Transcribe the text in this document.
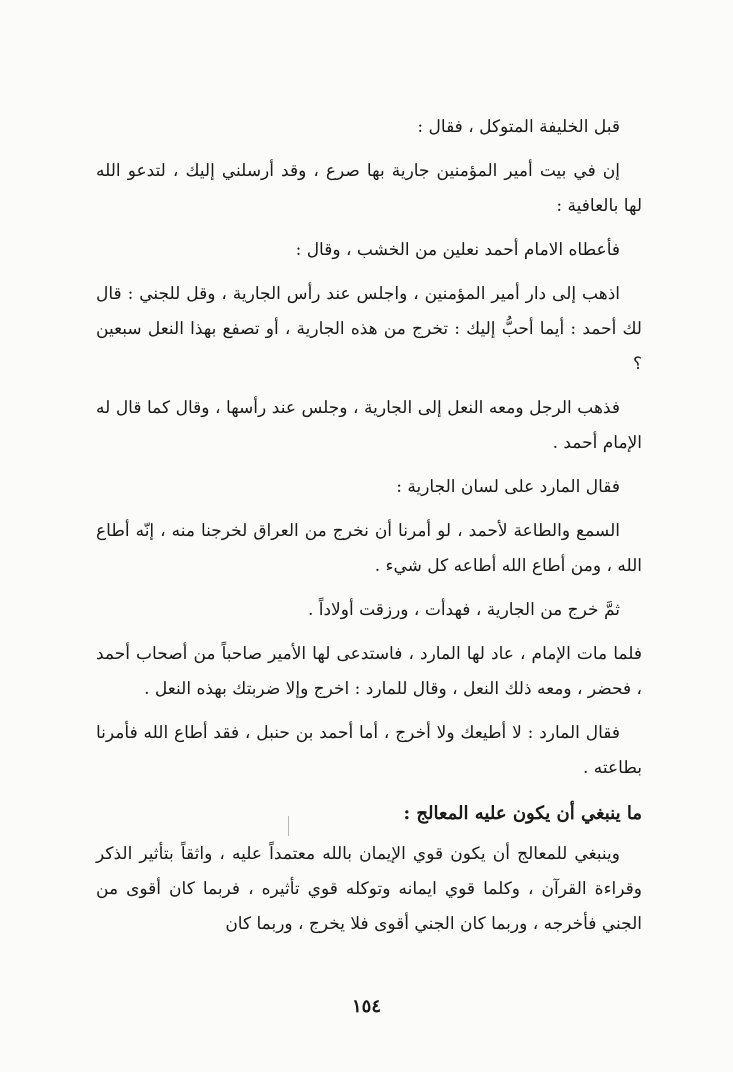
قبل الخليفة المتوكل ، فقال :

إن في بيت أمير المؤمنين جارية بها صرع ، وقد أرسلني إليك ، لتدعو الله لها بالعافية :

فأعطاه الامام أحمد نعلين من الخشب ، وقال :

اذهب إلى دار أمير المؤمنين ، واجلس عند رأس الجارية ، وقل للجني : قال لك أحمد : أيما أحبُّ إليك : تخرج من هذه الجارية ، أو تصفع بهذا النعل سبعين ؟

فذهب الرجل ومعه النعل إلى الجارية ، وجلس عند رأسها ، وقال كما قال له الإمام أحمد .

فقال المارد على لسان الجارية :

السمع والطاعة لأحمد ، لو أمرنا أن نخرج من العراق لخرجنا منه ، إنّه أطاع الله ، ومن أطاع الله أطاعه كل شيء .

ثمَّ خرج من الجارية ، فهدأت ، ورزقت أولاداً .

فلما مات الإمام ، عاد لها المارد ، فاستدعى لها الأمير صاحباً من أصحاب أحمد ، فحضر ، ومعه ذلك النعل ، وقال للمارد : اخرج وإلا ضربتك بهذه النعل .

فقال المارد : لا أطيعك ولا أخرج ، أما أحمد بن حنبل ، فقد أطاع الله فأمرنا بطاعته .

ما ينبغي أن يكون عليه المعالج :

وينبغي للمعالج أن يكون قوي الإيمان بالله معتمداً عليه ، واثقاً بتأثير الذكر وقراءة القرآن ، وكلما قوي ايمانه وتوكله قوي تأثيره ، فربما كان أقوى من الجني فأخرجه ، وربما كان الجني أقوى فلا يخرج ، وربما كان

١٥٤
